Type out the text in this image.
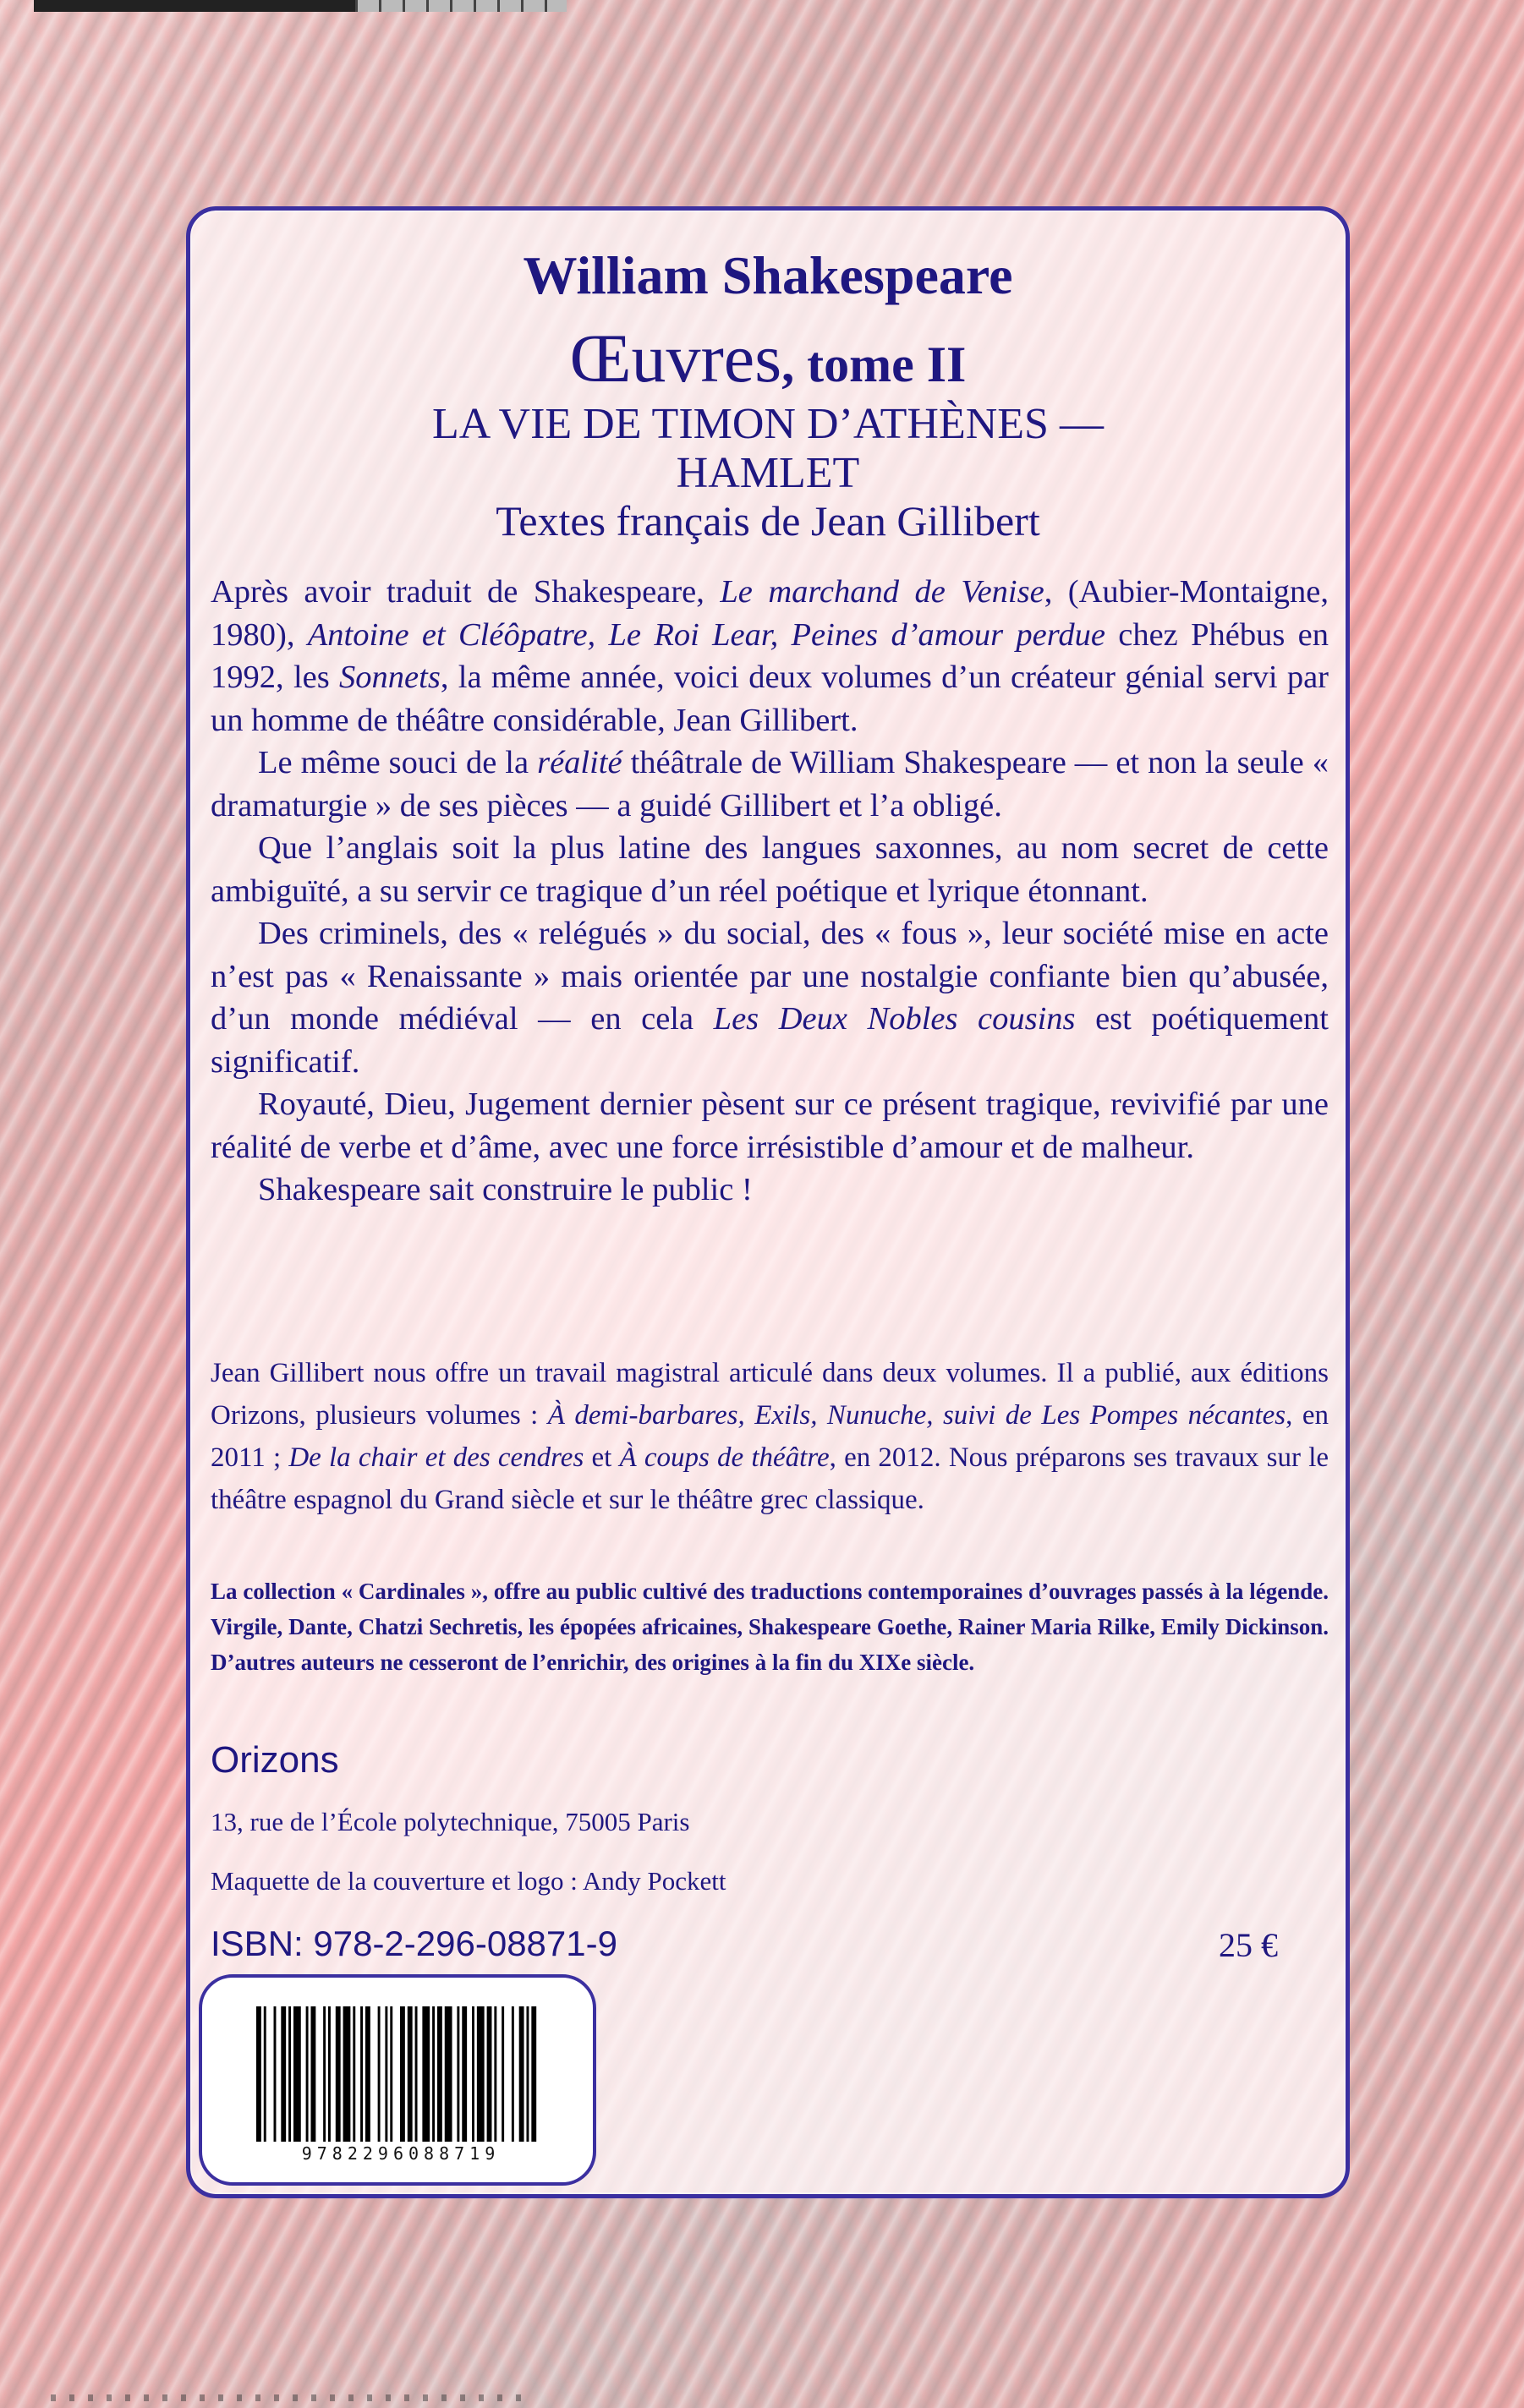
William Shakespeare
Œuvres, tome II
LA VIE DE TIMON D’ATHÈNES —
HAMLET
Textes français de Jean Gillibert

Après avoir traduit de Shakespeare, Le marchand de Venise, (Aubier-Montaigne, 1980), Antoine et Cléôpatre, Le Roi Lear, Peines d’amour perdue chez Phébus en 1992, les Sonnets, la même année, voici deux volumes d’un créateur génial servi par un homme de théâtre considérable, Jean Gillibert.

Le même souci de la réalité théâtrale de William Shakespeare — et non la seule « dramaturgie » de ses pièces — a guidé Gillibert et l’a obligé.

Que l’anglais soit la plus latine des langues saxonnes, au nom secret de cette ambiguïté, a su servir ce tragique d’un réel poétique et lyrique étonnant.

Des criminels, des « relégués » du social, des « fous », leur société mise en acte n’est pas « Renaissante » mais orientée par une nostalgie confiante bien qu’abusée, d’un monde médiéval — en cela Les Deux Nobles cousins est poétiquement significatif.

Royauté, Dieu, Jugement dernier pèsent sur ce présent tragique, revivifié par une réalité de verbe et d’âme, avec une force irrésistible d’amour et de malheur.

Shakespeare sait construire le public !

Jean Gillibert nous offre un travail magistral articulé dans deux volumes. Il a publié, aux éditions Orizons, plusieurs volumes : À demi-barbares, Exils, Nunuche, suivi de Les Pompes nécantes, en 2011 ; De la chair et des cendres et À coups de théâtre, en 2012. Nous préparons ses travaux sur le théâtre espagnol du Grand siècle et sur le théâtre grec classique.
La collection « Cardinales », offre au public cultivé des traductions contemporaines d’ouvrages passés à la légende. Virgile, Dante, Chatzi Sechretis, les épopées africaines, Shakespeare Goethe, Rainer Maria Rilke, Emily Dickinson. D’autres auteurs ne cesseront de l’enrichir, des origines à la fin du XIXe siècle.
Orizons
13, rue de l’École polytechnique, 75005 Paris
Maquette de la couverture et logo : Andy Pockett
ISBN: 978-2-296-08871-9	25 €
9782296088719
